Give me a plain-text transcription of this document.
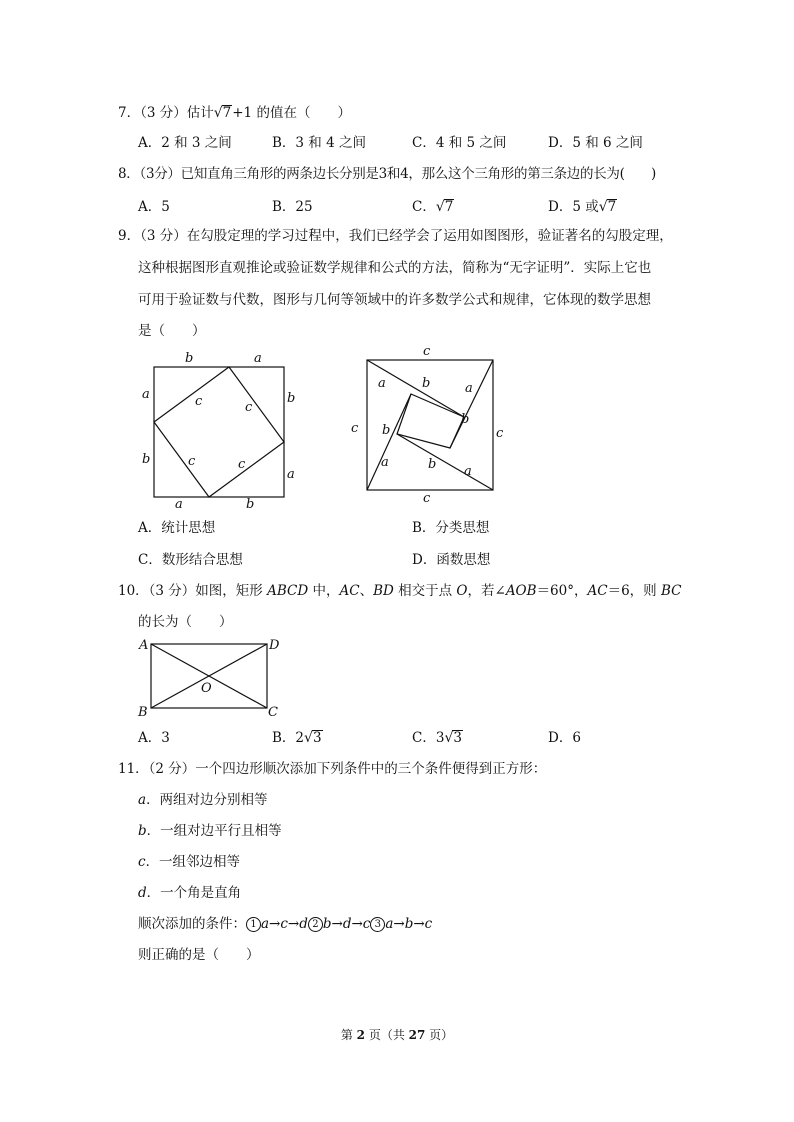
7．（3 分）估计√7+1 的值在（　　）
A．2 和 3 之间	B．3 和 4 之间	C．4 和 5 之间	D．5 和 6 之间
8．（3分）已知直角三角形的两条边长分别是3和4，那么这个三角形的第三条边的长为(　　)
A．5	B．25	C．√7	D．5 或√7
9．（3 分）在勾股定理的学习过程中，我们已经学会了运用如图图形，验证著名的勾股定理，
这种根据图形直观推论或验证数学规律和公式的方法，简称为“无字证明”．实际上它也
可用于验证数与代数，图形与几何等领域中的许多数学公式和规律，它体现的数学思想
是（　　）
b	a
a
b
b
a
a	b
c	c
c	c
c
c
c	c
a	b	a
b
b
a	b a
A．统计思想	B．分类思想
C．数形结合思想	D．函数思想
10．（3 分）如图，矩形 ABCD 中，AC、BD 相交于点 O，若∠AOB＝60°，AC＝6，则 BC
的长为（　　）
A	D
B	C
O
A．3	B．2√3	C．3√3	D．6
11．（2 分）一个四边形顺次添加下列条件中的三个条件便得到正方形：
a．两组对边分别相等
b．一组对边平行且相等
c．一组邻边相等
d．一个角是直角
顺次添加的条件： 1 a→c→d 2 b→d→c 3 a→b→c
则正确的是（　　）
第 2 页（共 27 页）
